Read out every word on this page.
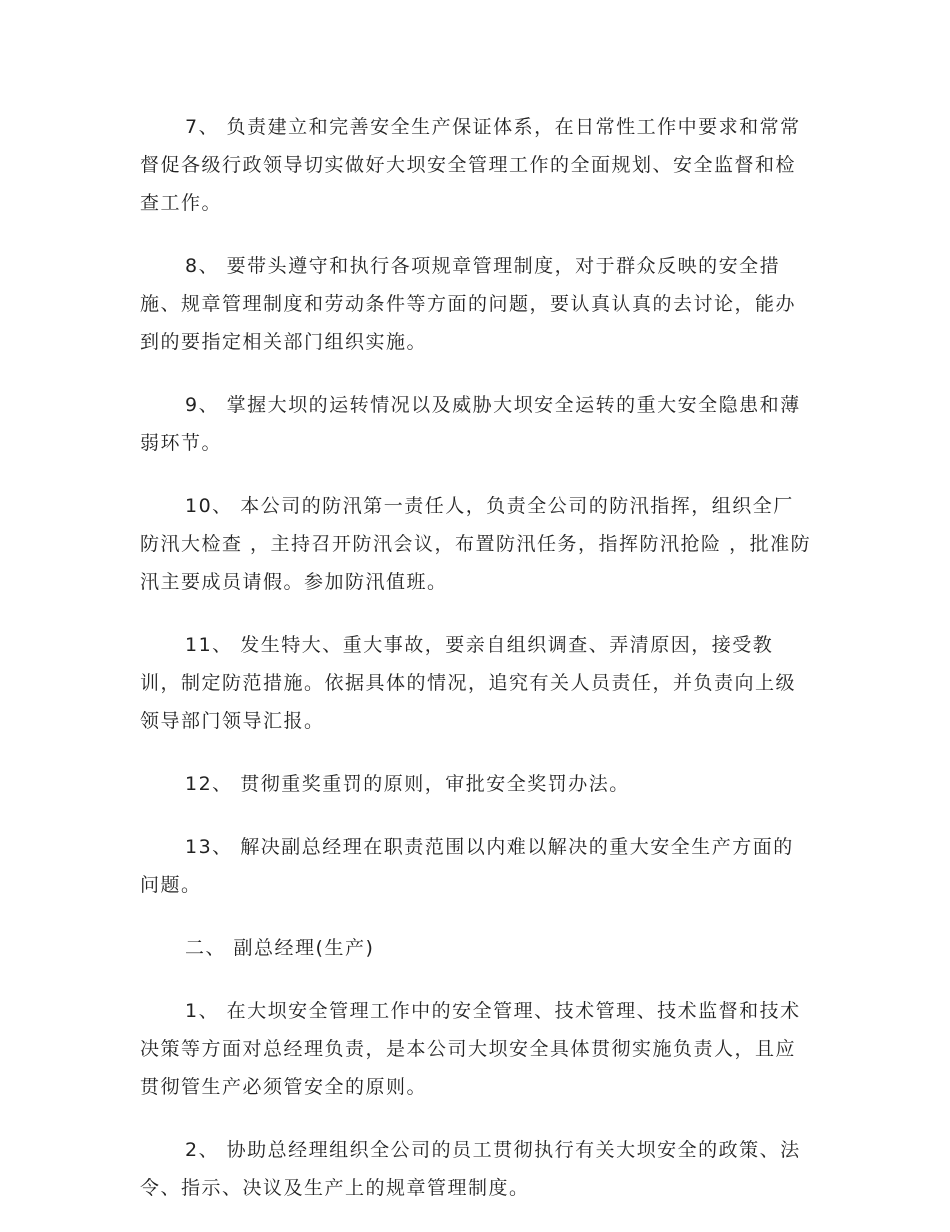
7、 负责建立和完善安全生产保证体系，在日常性工作中要求和常常督促各级行政领导切实做好大坝安全管理工作的全面规划、安全监督和检查工作。

8、 要带头遵守和执行各项规章管理制度，对于群众反映的安全措施、规章管理制度和劳动条件等方面的问题，要认真认真的去讨论，能办到的要指定相关部门组织实施。

9、 掌握大坝的运转情况以及威胁大坝安全运转的重大安全隐患和薄弱环节。

10、 本公司的防汛第一责任人，负责全公司的防汛指挥，组织全厂防汛大检查 ，主持召开防汛会议，布置防汛任务，指挥防汛抢险 ，批准防汛主要成员请假。参加防汛值班。

11、 发生特大、重大事故，要亲自组织调查、弄清原因，接受教训，制定防范措施。依据具体的情况，追究有关人员责任，并负责向上级领导部门领导汇报。

12、 贯彻重奖重罚的原则，审批安全奖罚办法。

13、 解决副总经理在职责范围以内难以解决的重大安全生产方面的问题。

二、 副总经理(生产)

1、 在大坝安全管理工作中的安全管理、技术管理、技术监督和技术决策等方面对总经理负责，是本公司大坝安全具体贯彻实施负责人，且应贯彻管生产必须管安全的原则。

2、 协助总经理组织全公司的员工贯彻执行有关大坝安全的政策、法令、指示、决议及生产上的规章管理制度。
